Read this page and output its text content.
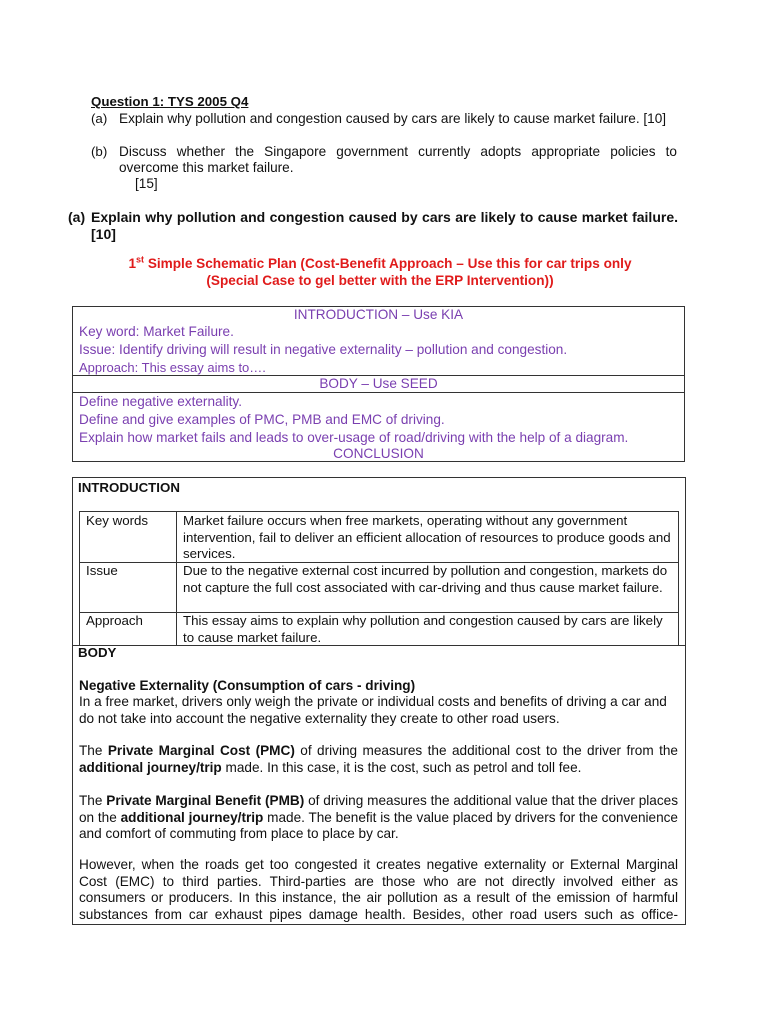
Question 1: TYS 2005 Q4
(a) Explain why pollution and congestion caused by cars are likely to cause market failure. [10]
(b) Discuss whether the Singapore government currently adopts appropriate policies to
overcome this market failure.
[15]
(a) Explain why pollution and congestion caused by cars are likely to cause market failure.
[10]
1st Simple Schematic Plan (Cost-Benefit Approach – Use this for car trips only
(Special Case to gel better with the ERP Intervention))
INTRODUCTION – Use KIA
Key word: Market Failure.
Issue: Identify driving will result in negative externality – pollution and congestion.
Approach: This essay aims to….
BODY – Use SEED
Define negative externality.
Define and give examples of PMC, PMB and EMC of driving.
Explain how market fails and leads to over-usage of road/driving with the help of a diagram.
CONCLUSION
INTRODUCTION
Key words	Market failure occurs when free markets, operating without any government intervention, fail to deliver an efficient allocation of resources to produce goods and services.
Issue	Due to the negative external cost incurred by pollution and congestion, markets do not capture the full cost associated with car-driving and thus cause market failure.
Approach	This essay aims to explain why pollution and congestion caused by cars are likely to cause market failure.
BODY
Negative Externality (Consumption of cars - driving)
In a free market, drivers only weigh the private or individual costs and benefits of driving a car and do not take into account the negative externality they create to other road users.
The Private Marginal Cost (PMC) of driving measures the additional cost to the driver from the additional journey/trip made. In this case, it is the cost, such as petrol and toll fee.
The Private Marginal Benefit (PMB) of driving measures the additional value that the driver places on the additional journey/trip made. The benefit is the value placed by drivers for the convenience and comfort of commuting from place to place by car.
However, when the roads get too congested it creates negative externality or External Marginal Cost (EMC) to third parties. Third-parties are those who are not directly involved either as consumers or producers. In this instance, the air pollution as a result of the emission of harmful substances from car exhaust pipes damage health. Besides, other road users such as office-
